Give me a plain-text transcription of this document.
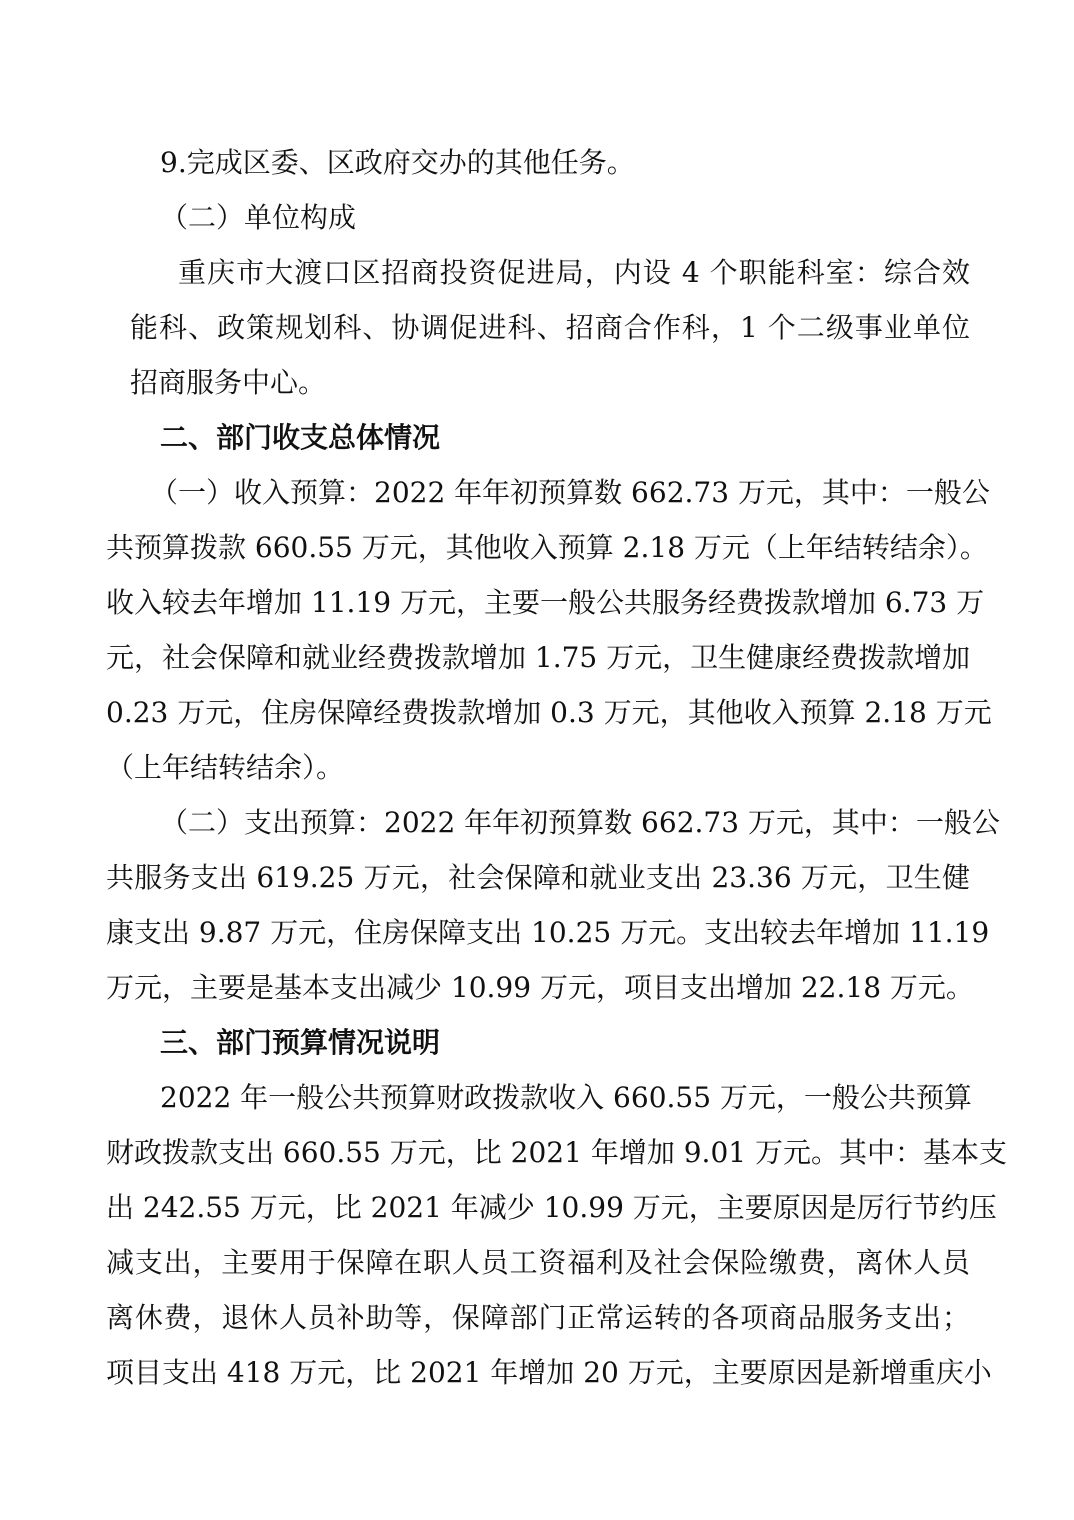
9.完成区委、区政府交办的其他任务。
（二）单位构成
重庆市大渡口区招商投资促进局，内设 4 个职能科室：综合效
能科、政策规划科、协调促进科、招商合作科，1 个二级事业单位
招商服务中心。
二、部门收支总体情况
（一）收入预算：2022 年年初预算数 662.73 万元，其中：一般公
共预算拨款 660.55 万元，其他收入预算 2.18 万元（上年结转结余）。
收入较去年增加 11.19 万元，主要一般公共服务经费拨款增加 6.73 万
元，社会保障和就业经费拨款增加 1.75 万元，卫生健康经费拨款增加
0.23 万元，住房保障经费拨款增加 0.3 万元，其他收入预算 2.18 万元
（上年结转结余）。
（二）支出预算：2022 年年初预算数 662.73 万元，其中：一般公
共服务支出 619.25 万元，社会保障和就业支出 23.36 万元，卫生健
康支出 9.87 万元，住房保障支出 10.25 万元。支出较去年增加 11.19
万元，主要是基本支出减少 10.99 万元，项目支出增加 22.18 万元。
三、部门预算情况说明
2022 年一般公共预算财政拨款收入 660.55 万元，一般公共预算
财政拨款支出 660.55 万元，比 2021 年增加 9.01 万元。其中：基本支
出 242.55 万元，比 2021 年减少 10.99 万元，主要原因是厉行节约压
减支出，主要用于保障在职人员工资福利及社会保险缴费，离休人员
离休费，退休人员补助等，保障部门正常运转的各项商品服务支出；
项目支出 418 万元，比 2021 年增加 20 万元，主要原因是新增重庆小
